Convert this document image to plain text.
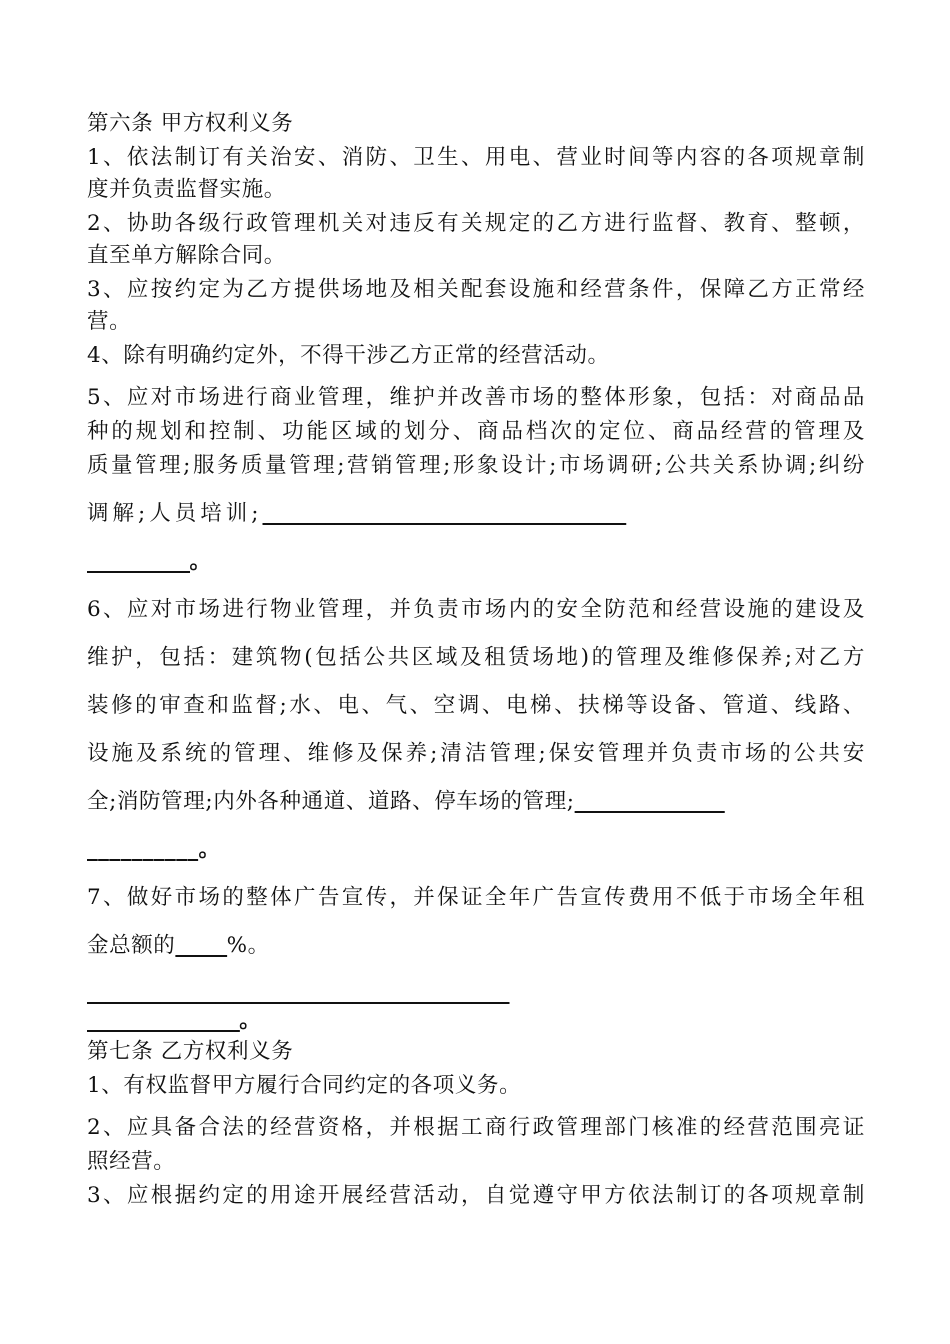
第六条 甲方权利义务
1、依法制订有关治安、消防、卫生、用电、营业时间等内容的各项规章制
度并负责监督实施。
2、协助各级行政管理机关对违反有关规定的乙方进行监督、教育、整顿，
直至单方解除合同。
3、应按约定为乙方提供场地及相关配套设施和经营条件，保障乙方正常经
营。
4、除有明确约定外，不得干涉乙方正常的经营活动。
5、应对市场进行商业管理，维护并改善市场的整体形象，包括：对商品品
种的规划和控制、功能区域的划分、商品档次的定位、商品经营的管理及
质量管理;服务质量管理;营销管理;形象设计;市场调研;公共关系协调;纠纷
调解;人员培训;________________________________________
__________。
6、应对市场进行物业管理，并负责市场内的安全防范和经营设施的建设及
维护，包括：建筑物(包括公共区域及租赁场地)的管理及维修保养;对乙方
装修的审查和监督;水、电、气、空调、电梯、扶梯等设备、管道、线路、
设施及系统的管理、维修及保养;清洁管理;保安管理并负责市场的公共安
全;消防管理;内外各种通道、道路、停车场的管理;_______________
__________。
7、做好市场的整体广告宣传，并保证全年广告宣传费用不低于市场全年租
金总额的_____%。
______________________________________________
_______________。
第七条 乙方权利义务
1、有权监督甲方履行合同约定的各项义务。
2、应具备合法的经营资格，并根据工商行政管理部门核准的经营范围亮证
照经营。
3、应根据约定的用途开展经营活动，自觉遵守甲方依法制订的各项规章制
